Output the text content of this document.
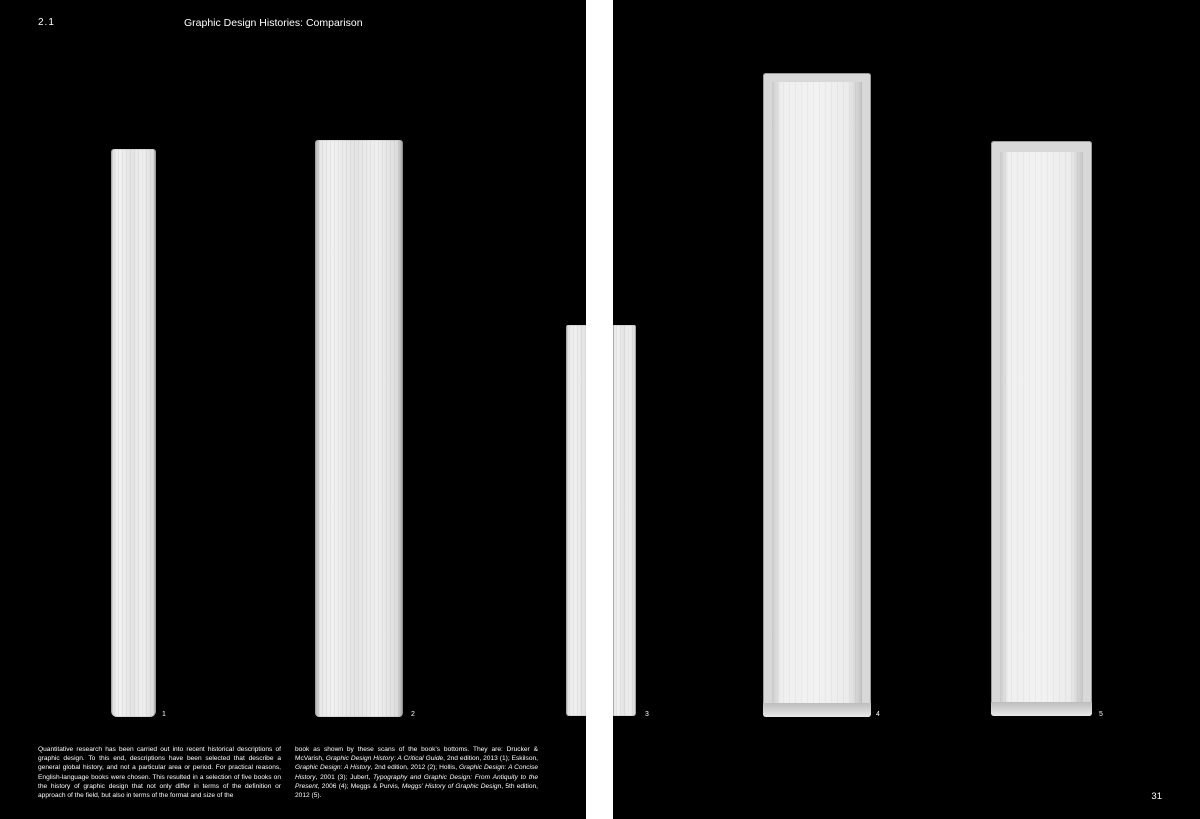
2.1	Graphic Design Histories: Comparison
1	2	3	4	5
31
Quantitative research has been carried out into recent historical descriptions of graphic design. To this end, descriptions have been selected that describe a general global history, and not a particular area or period. For practical reasons, English-language books were chosen. This resulted in a selection of five books on the history of graphic design that not only differ in terms of the definition or approach of the field, but also in terms of the format and size of the
book as shown by these scans of the book’s bottoms. They are: Drucker & McVarish, Graphic Design History: A Critical Guide, 2nd edition, 2013 (1); Eskilson, Graphic Design: A History, 2nd edition, 2012 (2); Hollis, Graphic Design: A Concise History, 2001 (3); Jubert, Typography and Graphic Design: From Antiquity to the Present, 2006 (4); Meggs & Purvis, Meggs’ History of Graphic Design, 5th edition, 2012 (5).
